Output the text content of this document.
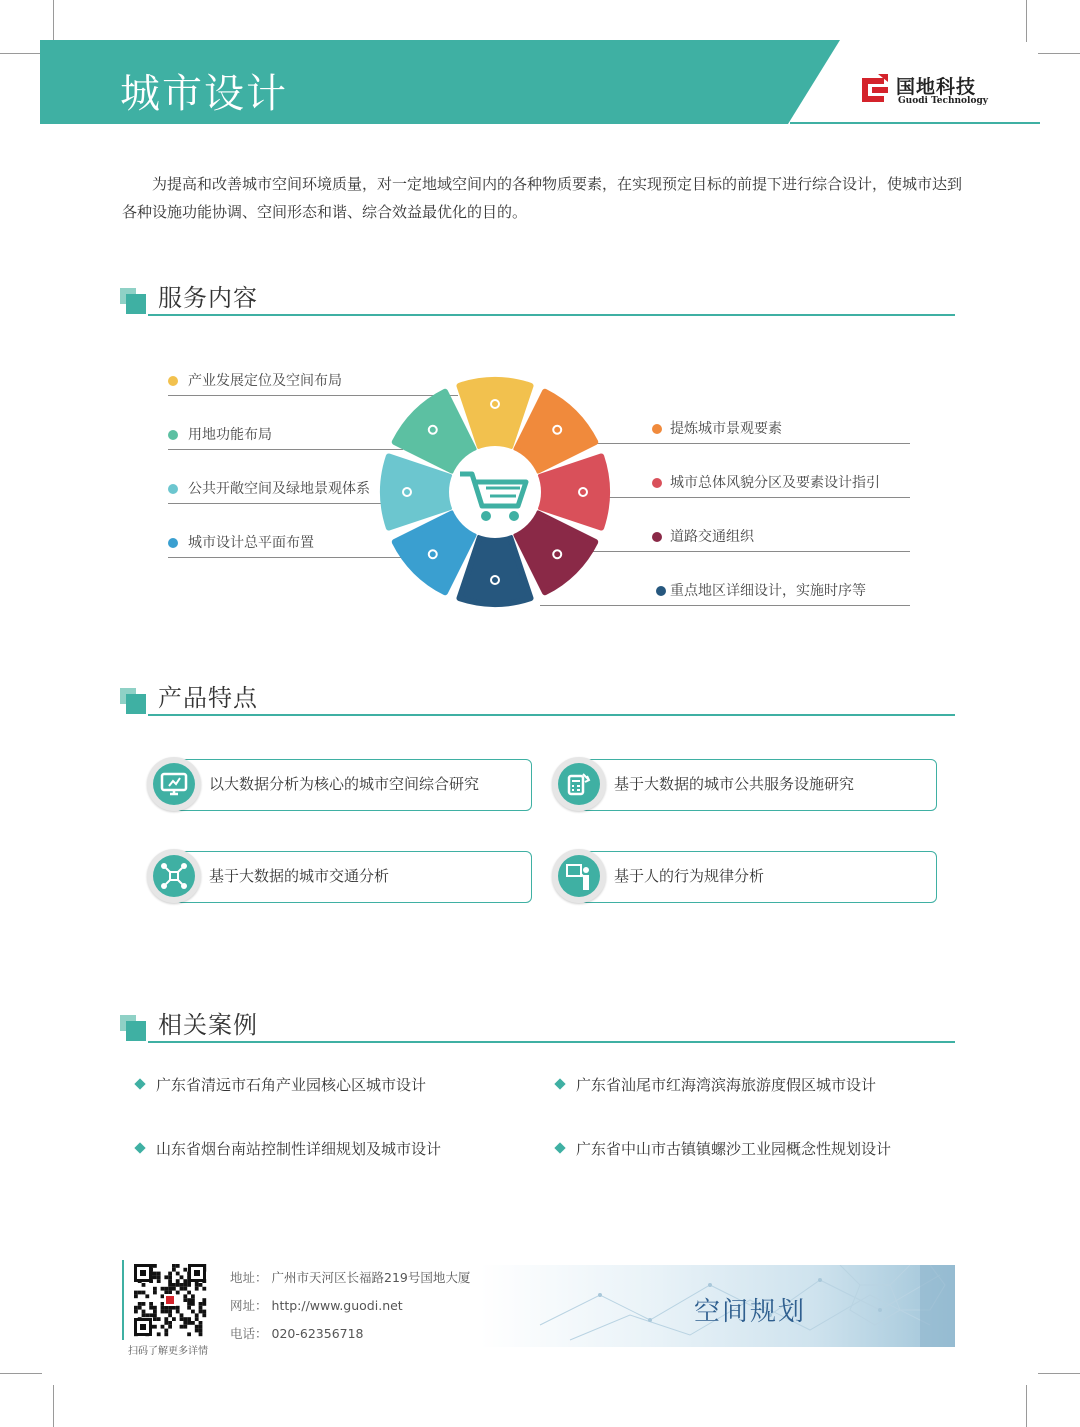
城市设计	国地科技
Guodi Technology

为提高和改善城市空间环境质量，对一定地域空间内的各种物质要素，在实现预定目标的前提下进行综合设计，使城市达到各种设施功能协调、空间形态和谐、综合效益最优化的目的。

服务内容
产业发展定位及空间布局
用地功能布局
公共开敞空间及绿地景观体系
城市设计总平面布置
提炼城市景观要素
城市总体风貌分区及要素设计指引
道路交通组织
重点地区详细设计，实施时序等
产品特点
以大数据分析为核心的城市空间综合研究	基于大数据的城市公共服务设施研究
基于大数据的城市交通分析	基于人的行为规律分析
相关案例
广东省清远市石角产业园核心区城市设计	广东省汕尾市红海湾滨海旅游度假区城市设计
山东省烟台南站控制性详细规划及城市设计	广东省中山市古镇镇螺沙工业园概念性规划设计
扫码了解更多详情
地址： 广州市天河区长福路219号国地大厦
网址： http://www.guodi.net
电话： 020-62356718
空间规划
